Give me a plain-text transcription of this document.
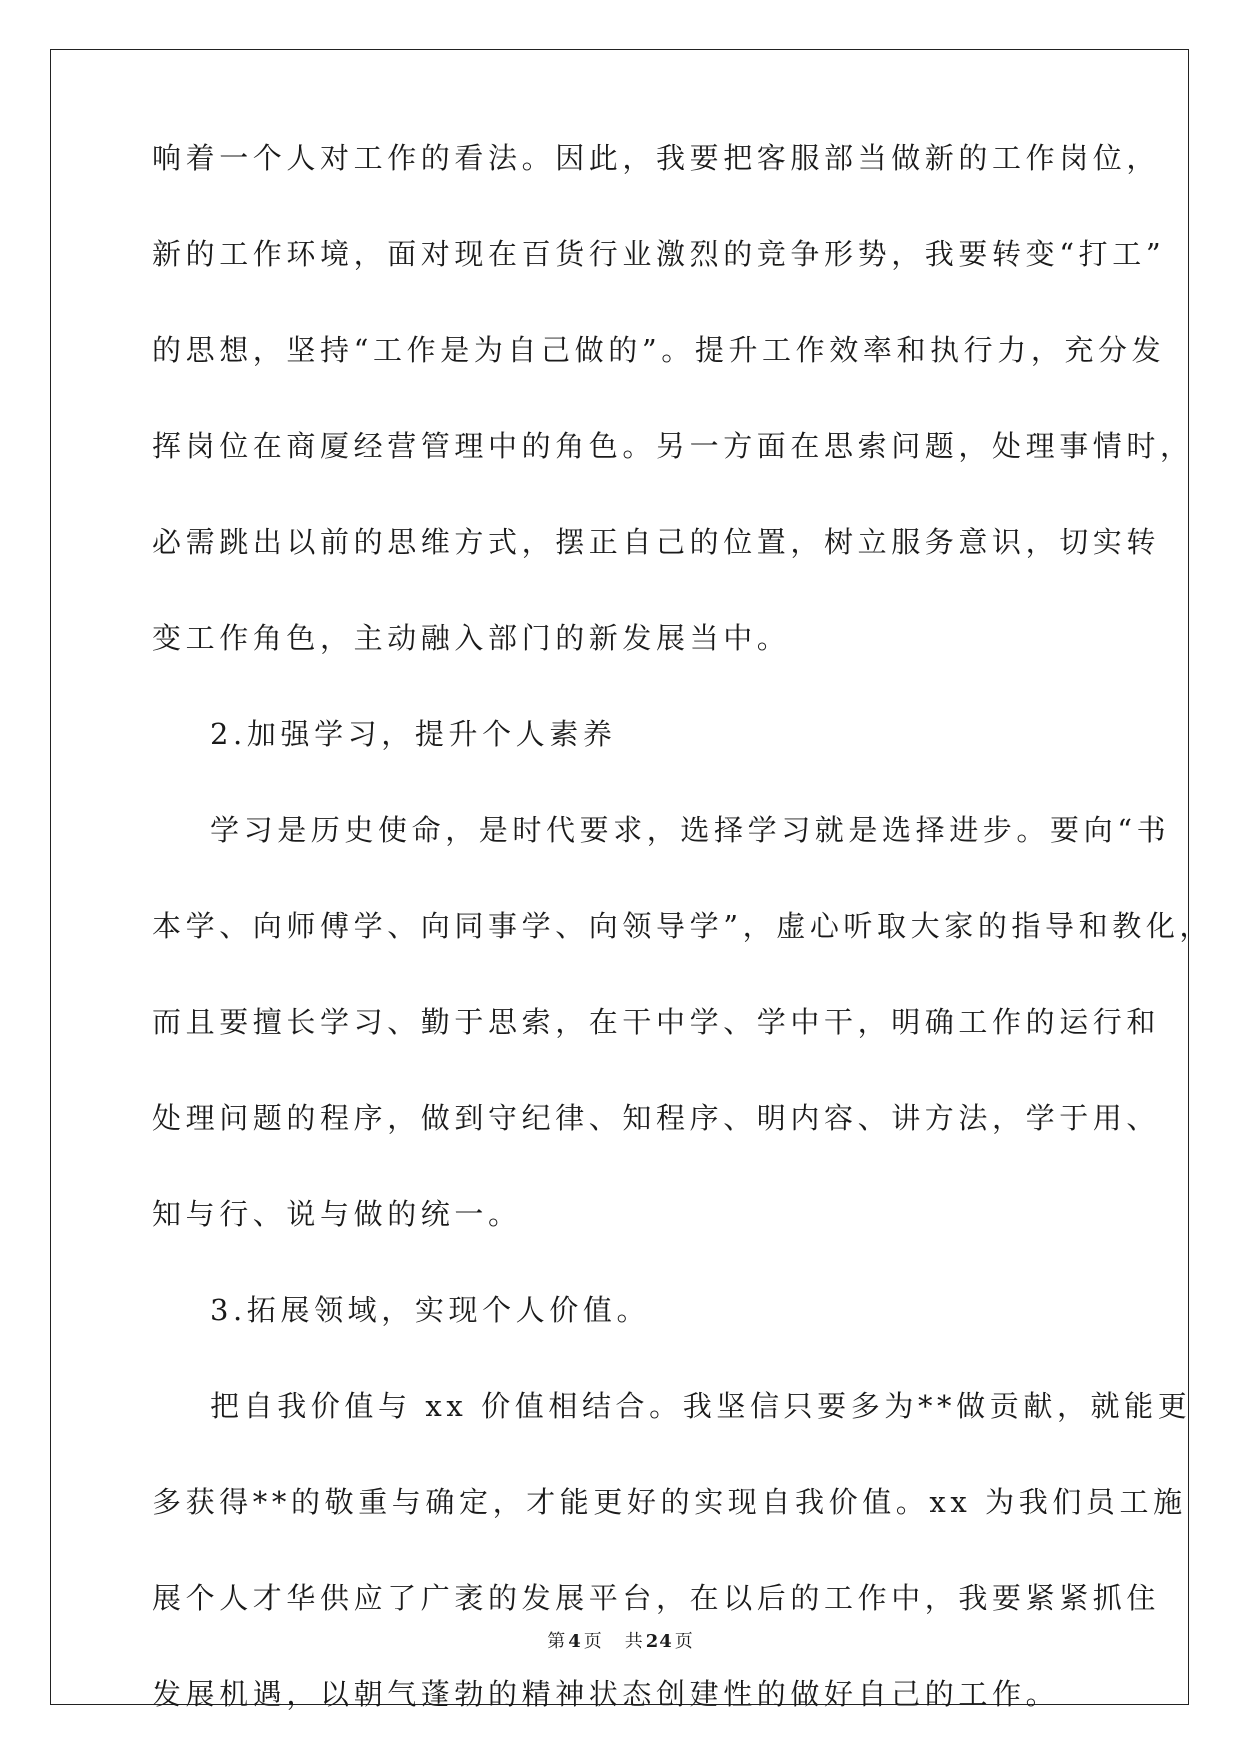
响着一个人对工作的看法。因此，我要把客服部当做新的工作岗位，
新的工作环境，面对现在百货行业激烈的竞争形势，我要转变“打工”
的思想，坚持“工作是为自己做的”。提升工作效率和执行力，充分发
挥岗位在商厦经营管理中的角色。另一方面在思索问题，处理事情时，
必需跳出以前的思维方式，摆正自己的位置，树立服务意识，切实转
变工作角色，主动融入部门的新发展当中。
2.加强学习，提升个人素养
学习是历史使命，是时代要求，选择学习就是选择进步。要向“书
本学、向师傅学、向同事学、向领导学”，虚心听取大家的指导和教化，
而且要擅长学习、勤于思索，在干中学、学中干，明确工作的运行和
处理问题的程序，做到守纪律、知程序、明内容、讲方法，学于用、
知与行、说与做的统一。
3.拓展领域，实现个人价值。
把自我价值与 xx 价值相结合。我坚信只要多为**做贡献，就能更
多获得**的敬重与确定，才能更好的实现自我价值。xx 为我们员工施
展个人才华供应了广袤的发展平台，在以后的工作中，我要紧紧抓住
发展机遇，以朝气蓬勃的精神状态创建性的做好自己的工作。
第 4 页 共 24 页
